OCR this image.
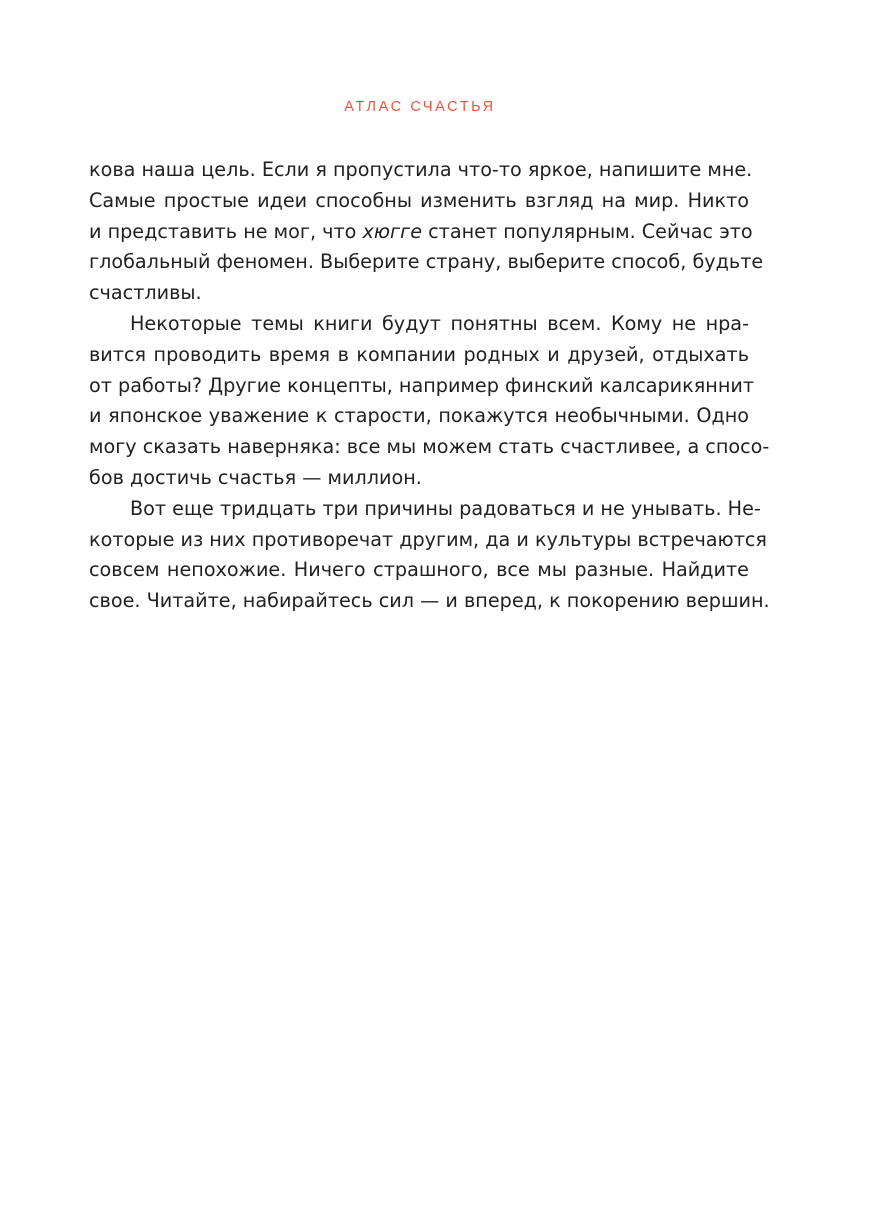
АТЛАС СЧАСТЬЯ

кова наша цель. Если я пропустила что-то яркое, напишите мне.
Самые простые идеи способны изменить взгляд на мир. Никто
и представить не мог, что хюгге станет популярным. Сейчас это
глобальный феномен. Выберите страну, выберите способ, будьте
счастливы.

Некоторые темы книги будут понятны всем. Кому не нра-
вится проводить время в компании родных и друзей, отдыхать
от работы? Другие концепты, например финский калсарикяннит
и японское уважение к старости, покажутся необычными. Одно
могу сказать наверняка: все мы можем стать счастливее, а спосо-
бов достичь счастья — миллион.

Вот еще тридцать три причины радоваться и не унывать. Не-
которые из них противоречат другим, да и культуры встречаются
совсем непохожие. Ничего страшного, все мы разные. Найдите
свое. Читайте, набирайтесь сил — и вперед, к покорению вершин.
